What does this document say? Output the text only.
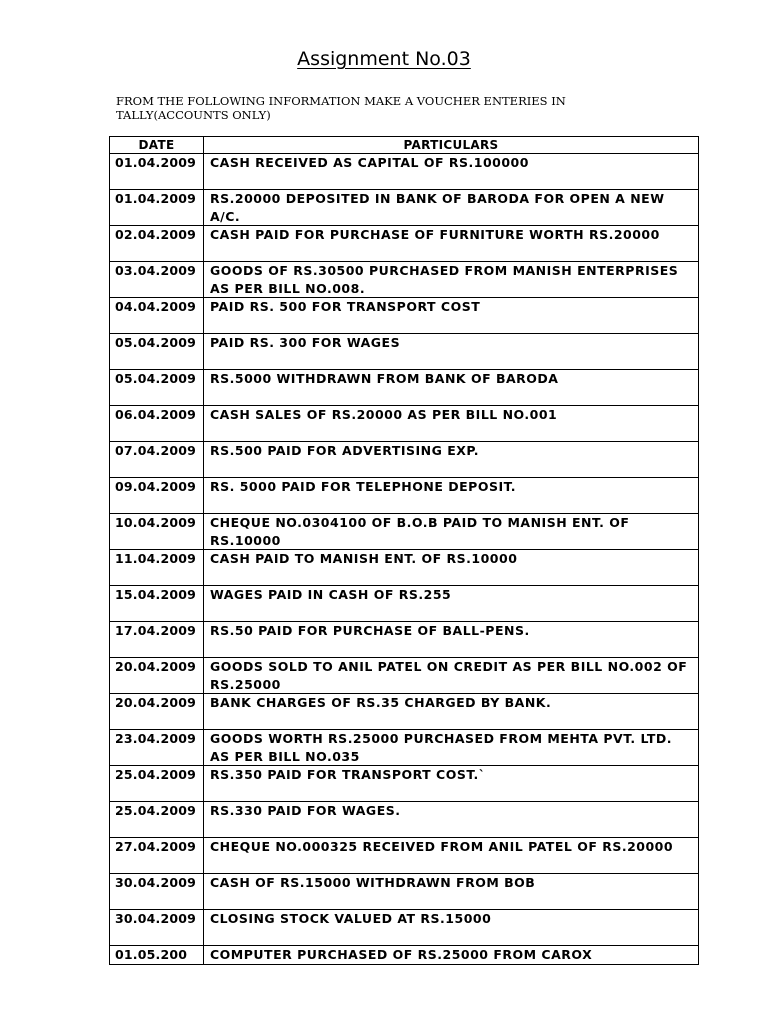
Assignment No.03

FROM THE FOLLOWING INFORMATION MAKE A VOUCHER ENTERIES IN
TALLY(ACCOUNTS ONLY)

DATE	PARTICULARS
01.04.2009	CASH RECEIVED AS CAPITAL OF RS.100000
01.04.2009	RS.20000 DEPOSITED IN BANK OF BARODA FOR OPEN A NEW A/C.
02.04.2009	CASH PAID FOR PURCHASE OF FURNITURE WORTH RS.20000
03.04.2009	GOODS OF RS.30500 PURCHASED FROM MANISH ENTERPRISES AS PER BILL NO.008.
04.04.2009	PAID RS. 500 FOR TRANSPORT COST
05.04.2009	PAID RS. 300 FOR WAGES
05.04.2009	RS.5000 WITHDRAWN FROM BANK OF BARODA
06.04.2009	CASH SALES OF RS.20000 AS PER BILL NO.001
07.04.2009	RS.500 PAID FOR ADVERTISING EXP.
09.04.2009	RS. 5000 PAID FOR TELEPHONE DEPOSIT.
10.04.2009	CHEQUE NO.0304100 OF B.O.B PAID TO MANISH ENT. OF RS.10000
11.04.2009	CASH PAID TO MANISH ENT. OF RS.10000
15.04.2009	WAGES PAID IN CASH OF RS.255
17.04.2009	RS.50 PAID FOR PURCHASE OF BALL-PENS.
20.04.2009	GOODS SOLD TO ANIL PATEL ON CREDIT AS PER BILL NO.002 OF RS.25000
20.04.2009	BANK CHARGES OF RS.35 CHARGED BY BANK.
23.04.2009	GOODS WORTH RS.25000 PURCHASED FROM MEHTA PVT. LTD. AS PER BILL NO.035
25.04.2009	RS.350 PAID FOR TRANSPORT COST.`
25.04.2009	RS.330 PAID FOR WAGES.
27.04.2009	CHEQUE NO.000325 RECEIVED FROM ANIL PATEL OF RS.20000
30.04.2009	CASH OF RS.15000 WITHDRAWN FROM BOB
30.04.2009	CLOSING STOCK VALUED AT RS.15000
01.05.200	COMPUTER PURCHASED OF RS.25000 FROM CAROX
